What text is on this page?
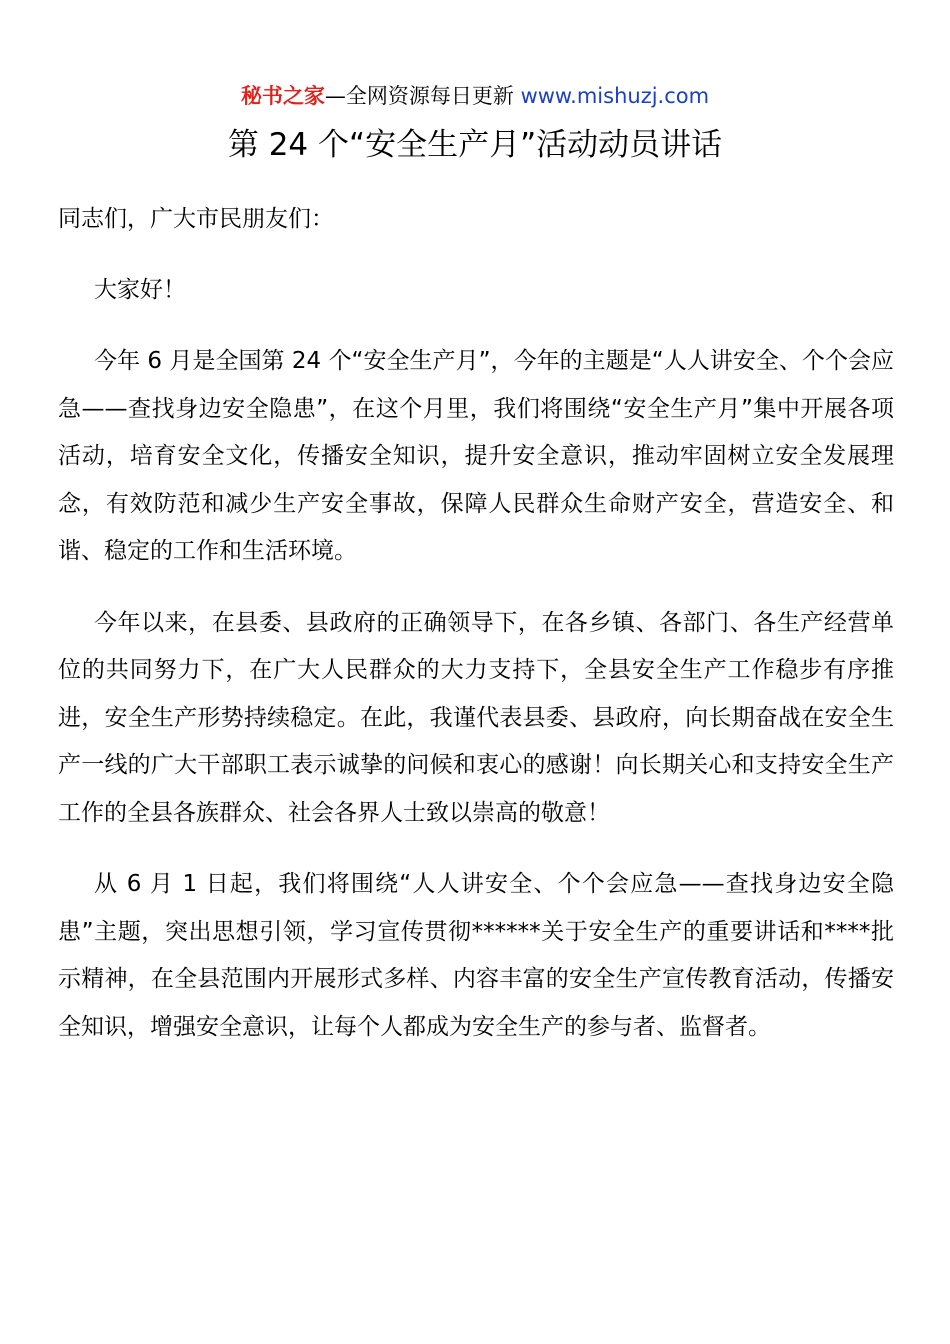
秘书之家—全网资源每日更新 www.mishuzj.com
第 24 个“安全生产月”活动动员讲话

同志们，广大市民朋友们：

大家好！

今年 6 月是全国第 24 个“安全生产月”，今年的主题是“人人讲安全、个个会应急——查找身边安全隐患”，在这个月里，我们将围绕“安全生产月”集中开展各项活动，培育安全文化，传播安全知识，提升安全意识，推动牢固树立安全发展理念，有效防范和减少生产安全事故，保障人民群众生命财产安全，营造安全、和谐、稳定的工作和生活环境。

今年以来，在县委、县政府的正确领导下，在各乡镇、各部门、各生产经营单位的共同努力下，在广大人民群众的大力支持下，全县安全生产工作稳步有序推进，安全生产形势持续稳定。在此，我谨代表县委、县政府，向长期奋战在安全生产一线的广大干部职工表示诚挚的问候和衷心的感谢！向长期关心和支持安全生产工作的全县各族群众、社会各界人士致以崇高的敬意！

从 6 月 1 日起，我们将围绕“人人讲安全、个个会应急——查找身边安全隐患”主题，突出思想引领，学习宣传贯彻******关于安全生产的重要讲话和****批示精神，在全县范围内开展形式多样、内容丰富的安全生产宣传教育活动，传播安全知识，增强安全意识，让每个人都成为安全生产的参与者、监督者。
